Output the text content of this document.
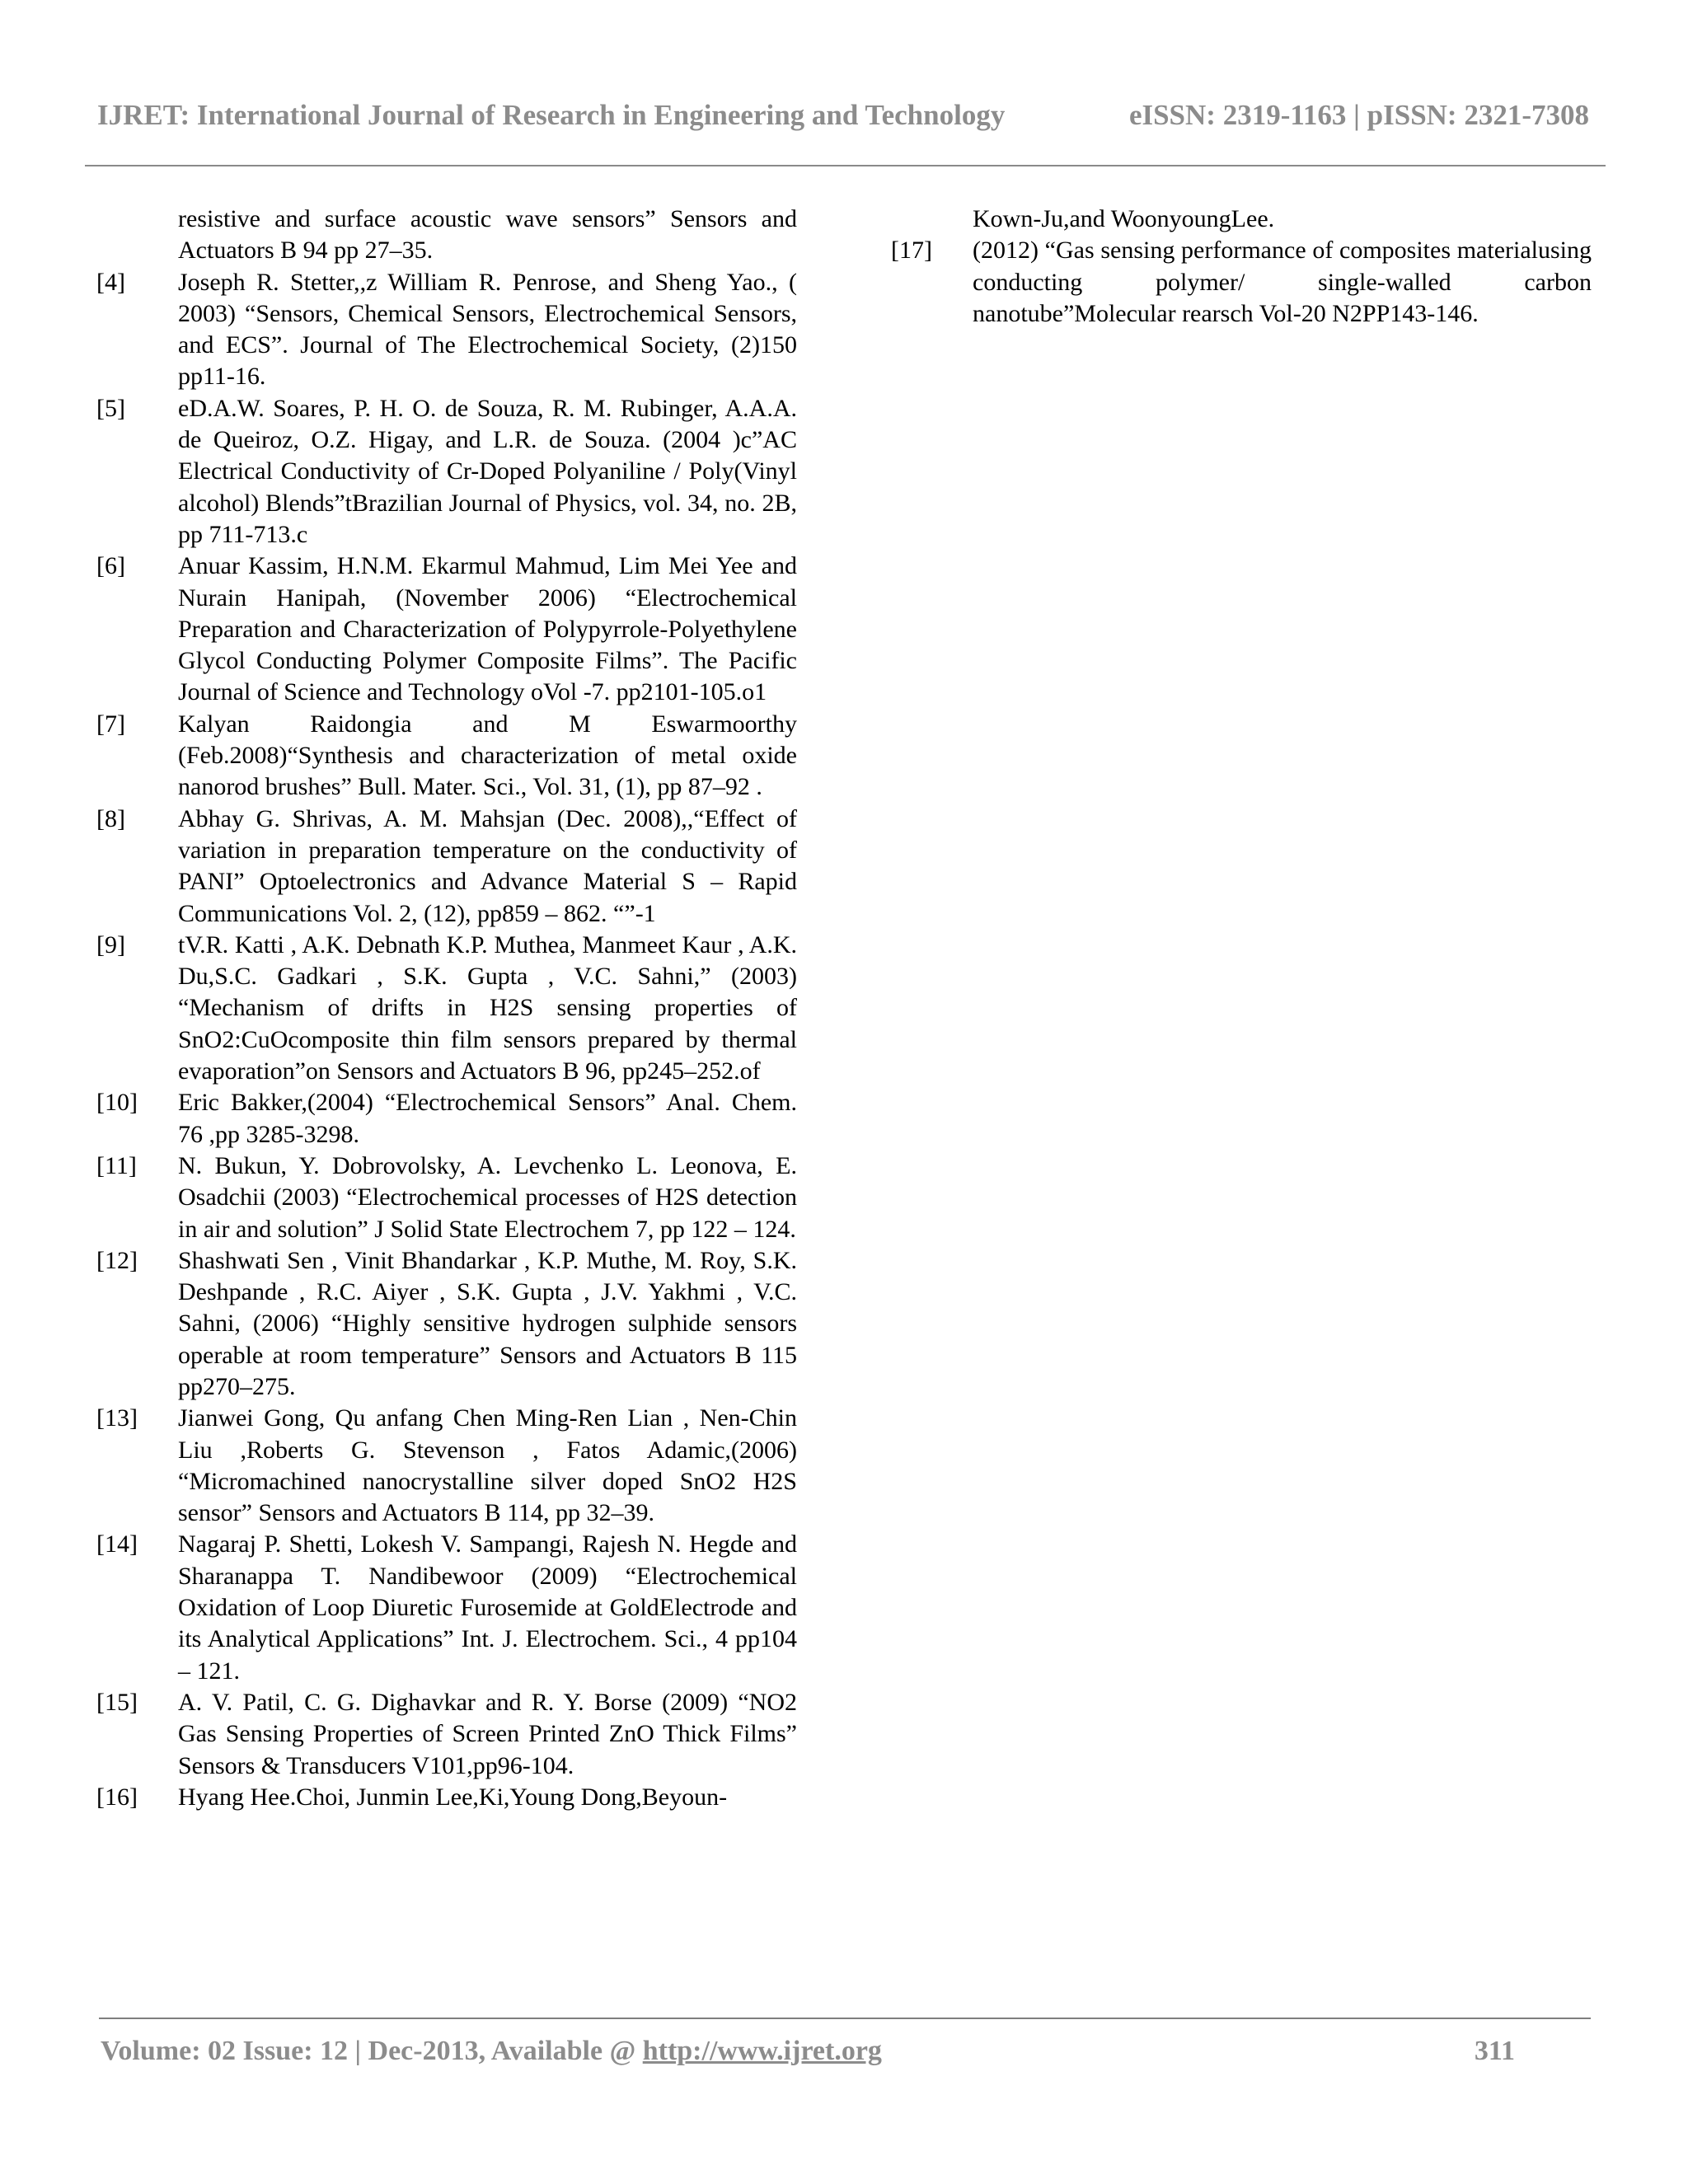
IJRET: International Journal of Research in Engineering and Technology	eISSN: 2319-1163 | pISSN: 2321-7308
resistive and surface acoustic wave sensors” Sensors and Actuators B 94 pp 27–35.
[4]	Joseph R. Stetter,,z William R. Penrose, and Sheng Yao., ( 2003) “Sensors, Chemical Sensors, Electrochemical Sensors, and ECS”. Journal of The Electrochemical Society, (2)150 pp11-16.
[5]	eD.A.W. Soares, P. H. O. de Souza, R. M. Rubinger, A.A.A. de Queiroz, O.Z. Higay, and L.R. de Souza. (2004 )c”AC Electrical Conductivity of Cr-Doped Polyaniline / Poly(Vinyl alcohol) Blends”tBrazilian Journal of Physics, vol. 34, no. 2B, pp 711-713.c
[6]	Anuar Kassim, H.N.M. Ekarmul Mahmud, Lim Mei Yee and Nurain Hanipah, (November 2006) “Electrochemical Preparation and Characterization of Polypyrrole-Polyethylene Glycol Conducting Polymer Composite Films”. The Pacific Journal of Science and Technology oVol -7. pp2101-105.o1
[7]	Kalyan Raidongia and M Eswarmoorthy (Feb.2008)“Synthesis and characterization of metal oxide nanorod brushes” Bull. Mater. Sci., Vol. 31, (1), pp 87–92 .
[8]	Abhay G. Shrivas, A. M. Mahsjan (Dec. 2008),,“Effect of variation in preparation temperature on the conductivity of PANI” Optoelectronics and Advance Material S – Rapid Communications Vol. 2, (12), pp859 – 862. “”-1
[9]	tV.R. Katti , A.K. Debnath K.P. Muthea, Manmeet Kaur , A.K. Du,S.C. Gadkari , S.K. Gupta , V.C. Sahni,” (2003) “Mechanism of drifts in H2S sensing properties of SnO2:CuOcomposite thin film sensors prepared by thermal evaporation”on Sensors and Actuators B 96, pp245–252.of
[10]	Eric Bakker,(2004) “Electrochemical Sensors” Anal. Chem. 76 ,pp 3285-3298.
[11]	N. Bukun, Y. Dobrovolsky, A. Levchenko L. Leonova, E. Osadchii (2003) “Electrochemical processes of H2S detection in air and solution” J Solid State Electrochem 7, pp 122 – 124.
[12]	Shashwati Sen , Vinit Bhandarkar , K.P. Muthe, M. Roy, S.K. Deshpande , R.C. Aiyer , S.K. Gupta , J.V. Yakhmi , V.C. Sahni, (2006) “Highly sensitive hydrogen sulphide sensors operable at room temperature” Sensors and Actuators B 115 pp270–275.
[13]	Jianwei Gong, Qu anfang Chen Ming-Ren Lian , Nen-Chin Liu ,Roberts G. Stevenson , Fatos Adamic,(2006) “Micromachined nanocrystalline silver doped SnO2 H2S sensor” Sensors and Actuators B 114, pp 32–39.
[14]	Nagaraj P. Shetti, Lokesh V. Sampangi, Rajesh N. Hegde and Sharanappa T. Nandibewoor (2009) “Electrochemical Oxidation of Loop Diuretic Furosemide at GoldElectrode and its Analytical Applications” Int. J. Electrochem. Sci., 4 pp104 – 121.
[15]	A. V. Patil, C. G. Dighavkar and R. Y. Borse (2009) “NO2 Gas Sensing Properties of Screen Printed ZnO Thick Films” Sensors & Transducers V101,pp96-104.
[16]	Hyang Hee.Choi, Junmin Lee,Ki,Young Dong,Beyoun-
Kown-Ju,and WoonyoungLee.
[17]	(2012) “Gas sensing performance of composites materialusing conducting polymer/ single-walled carbon nanotube”Molecular rearsch Vol-20 N2PP143-146.
Volume: 02 Issue: 12 | Dec-2013, Available @ http://www.ijret.org	311
